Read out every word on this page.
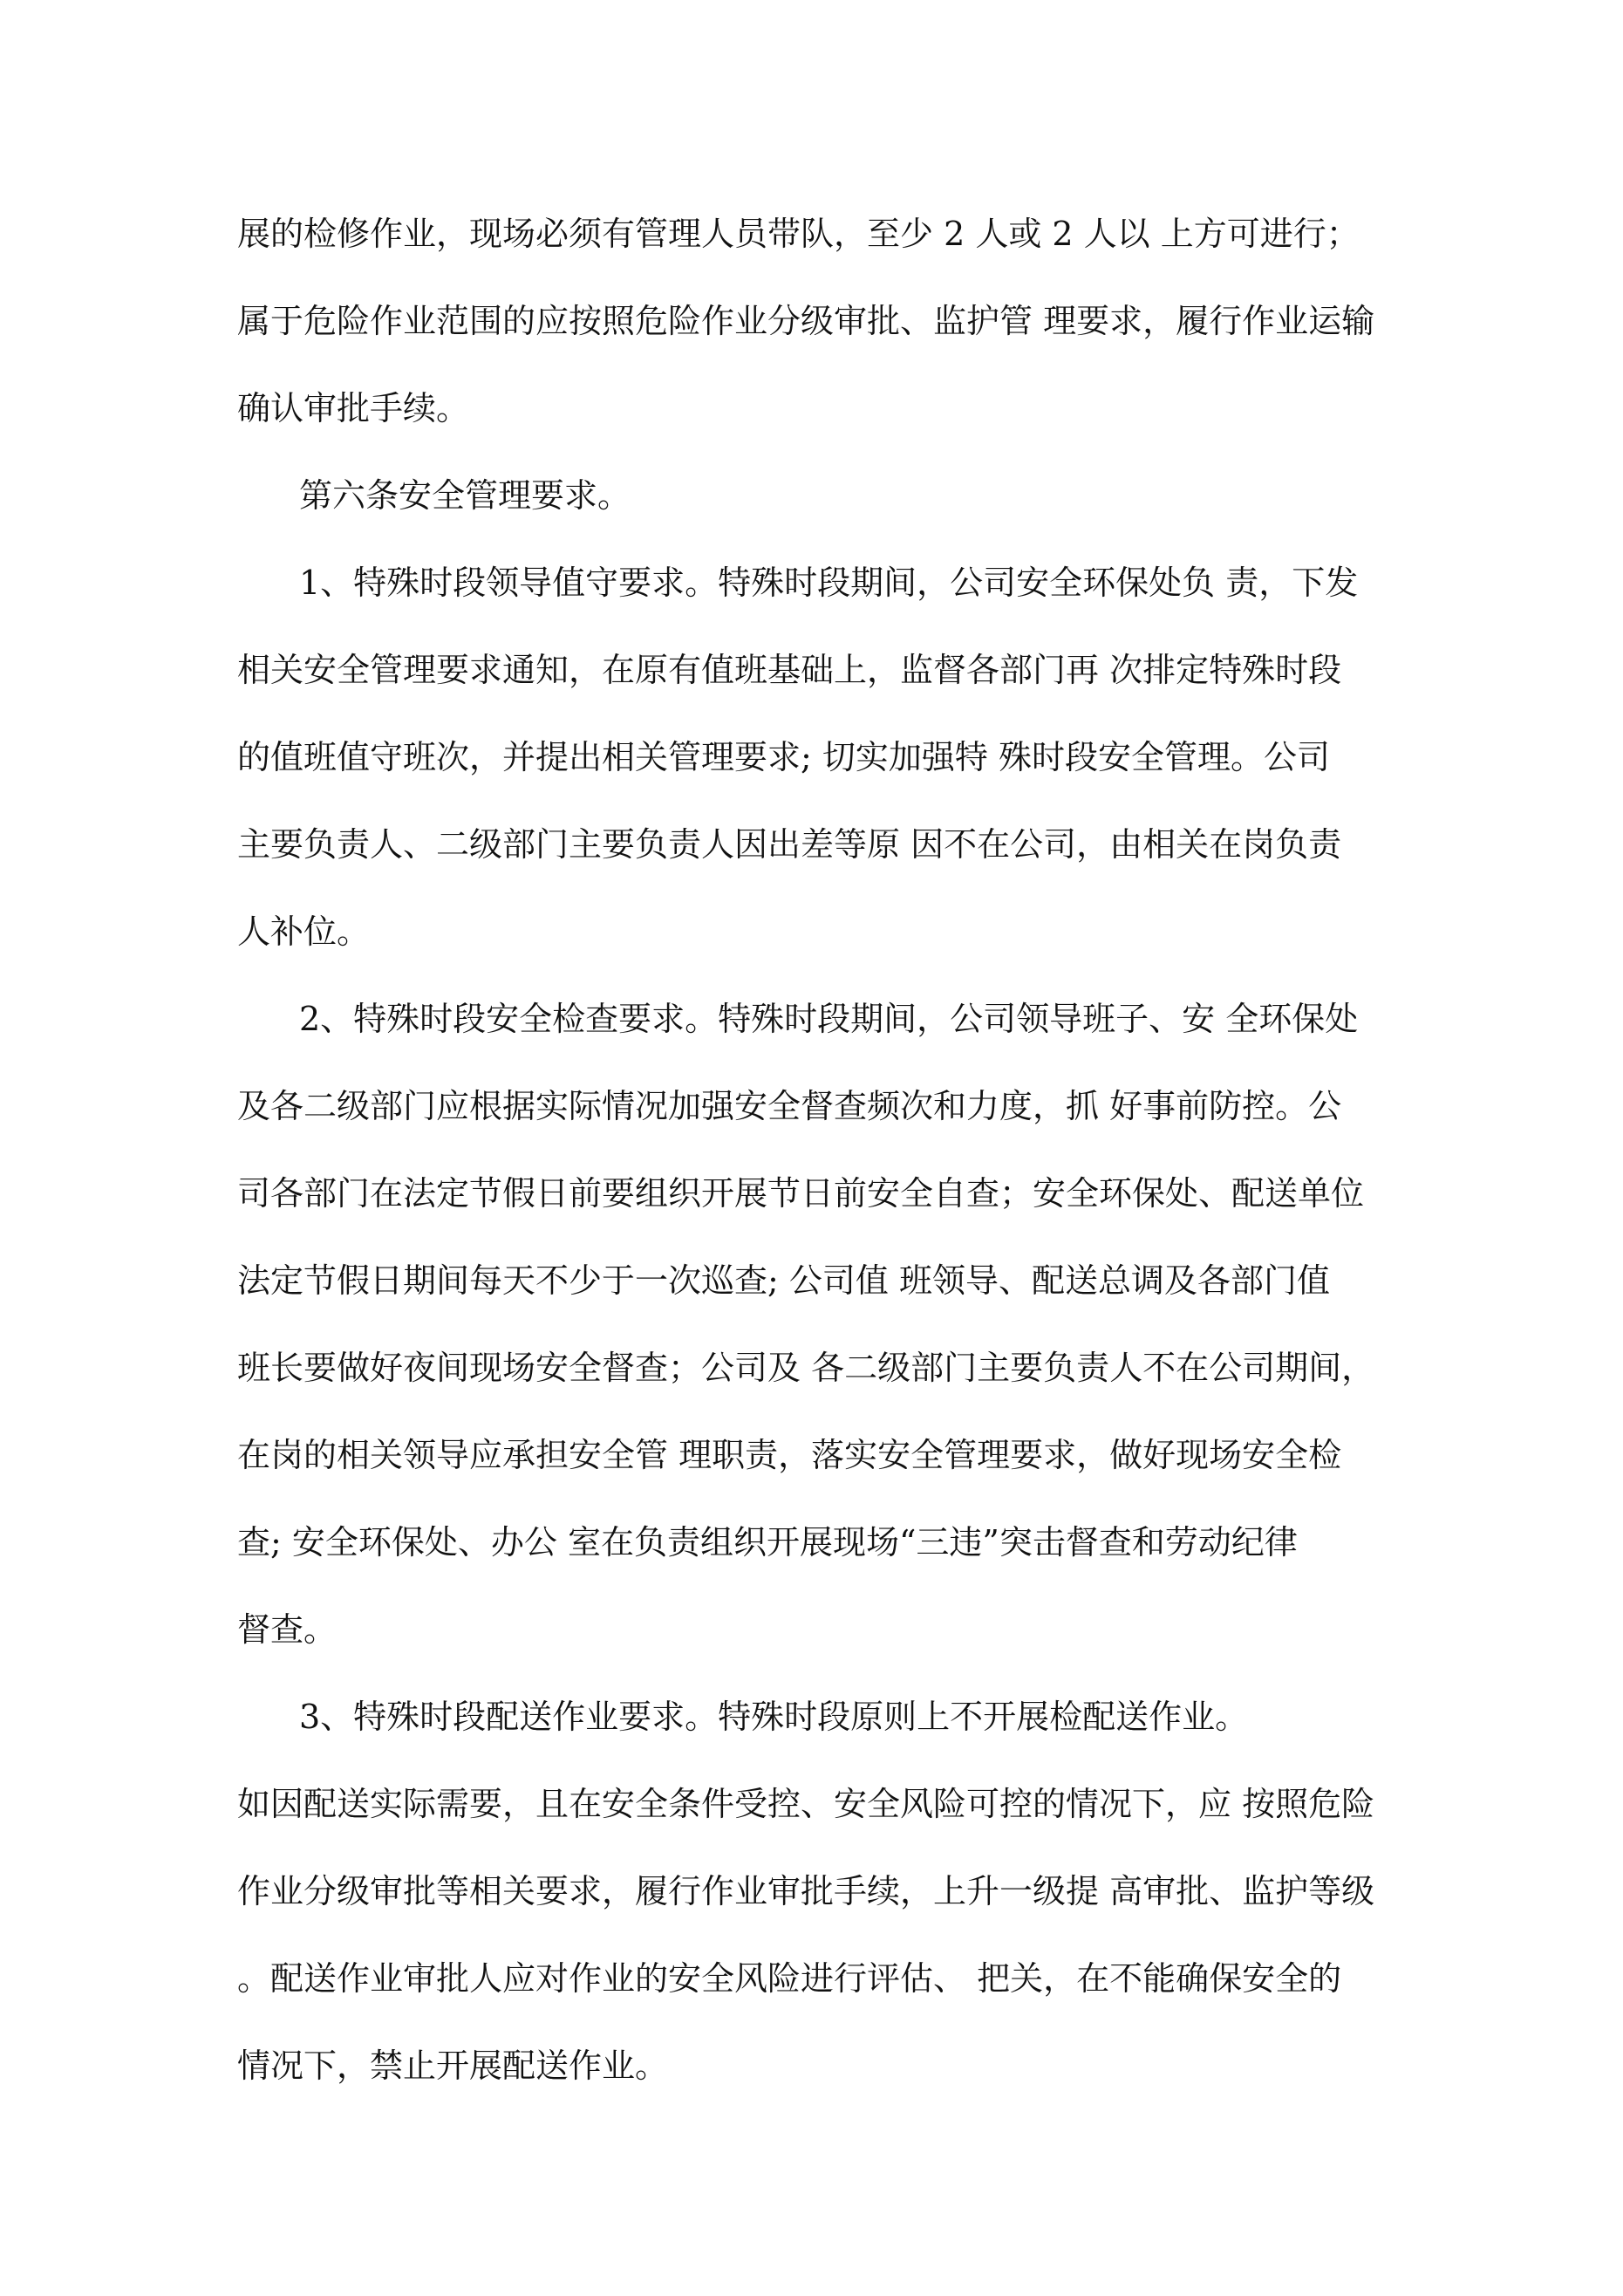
展的检修作业，现场必须有管理人员带队，至少 2 人或 2 人以 上方可进行；
属于危险作业范围的应按照危险作业分级审批、监护管 理要求，履行作业运输
确认审批手续。
第六条安全管理要求。
1、特殊时段领导值守要求。特殊时段期间，公司安全环保处负 责，下发
相关安全管理要求通知，在原有值班基础上，监督各部门再 次排定特殊时段
的值班值守班次，并提出相关管理要求; 切实加强特 殊时段安全管理。公司
主要负责人、二级部门主要负责人因出差等原 因不在公司，由相关在岗负责
人补位。
2、特殊时段安全检查要求。特殊时段期间，公司领导班子、安 全环保处
及各二级部门应根据实际情况加强安全督查频次和力度，抓 好事前防控。公
司各部门在法定节假日前要组织开展节日前安全自查；安全环保处、配送单位
法定节假日期间每天不少于一次巡查; 公司值 班领导、配送总调及各部门值
班长要做好夜间现场安全督查；公司及 各二级部门主要负责人不在公司期间，
在岗的相关领导应承担安全管 理职责，落实安全管理要求，做好现场安全检
查; 安全环保处、办公 室在负责组织开展现场“三违”突击督查和劳动纪律
督查。
3、特殊时段配送作业要求。特殊时段原则上不开展检配送作业。
如因配送实际需要，且在安全条件受控、安全风险可控的情况下，应 按照危险
作业分级审批等相关要求，履行作业审批手续，上升一级提 高审批、监护等级
。配送作业审批人应对作业的安全风险进行评估、 把关，在不能确保安全的
情况下，禁止开展配送作业。
